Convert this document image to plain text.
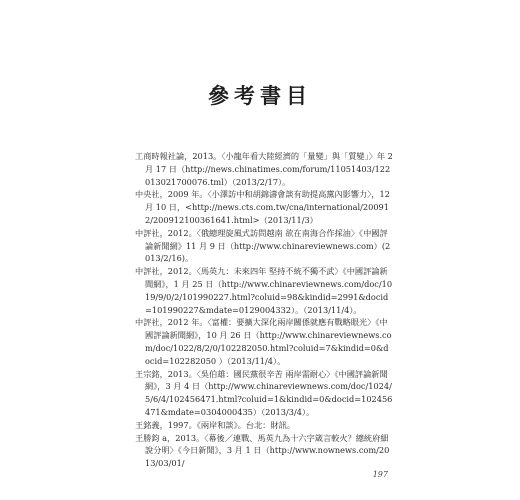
參考書目
工商時報社論，2013。〈小龍年看大陸經濟的「量變」與「質變」〉年 2 月 17 日（http://news.chinatimes.com/forum/11051403/122013021700076.tml）（2013/2/17）。
中央社，2009 年。〈小澤訪中和胡錦濤會談有助提高黨內影響力〉，12 月 10 日，<http://news.cts.com.tw/cna/international/200912/200912100361641.html>（2013/11/3）
中評社，2012。〈俄總理旋風式訪問越南 欲在南海合作採油〉《中國評論新聞網》11 月 9 日（http://www.chinareviewnews.com）(2013/2/16)。
中評社，2012。〈馬英九：未來四年 堅持不統不獨不武〉《中國評論新聞網》，1 月 25 日（http://www.chinareviewnews.com/doc/1019/9/0/2/101990227.html?coluid=98&kindid=2991&docid=101990227&mdate=0129004332）。（2013/11/4）。
中評社，2012 年。〈富權：要擴大深化兩岸關係就應有戰略眼光〉《中國評論新聞網》，10 月 26 日（http://www.chinareviewnews.com/doc/1022/8/2/0/102282050.html?coluid=7&kindid=0&docid=102282050 ）（2013/11/4）。
王宗銘，2013。〈吳伯雄：國民黨很辛苦 兩岸需耐心〉《中國評論新聞網》，3 月 4 日（http://www.chinareviewnews.com/doc/1024/5/6/4/102456471.html?coluid=1&kindid=0&docid=102456471&mdate=0304000435）（2013/3/4）。
王銘義，1997。《兩岸和談》。台北：財訊。
王勝鈞 a，2013。〈幕後／連戰、馬英九為十六字箴言較火？總統府細說分明〉《今日新聞》，3 月 1 日（http://www.nownews.com/2013/03/01/
197
